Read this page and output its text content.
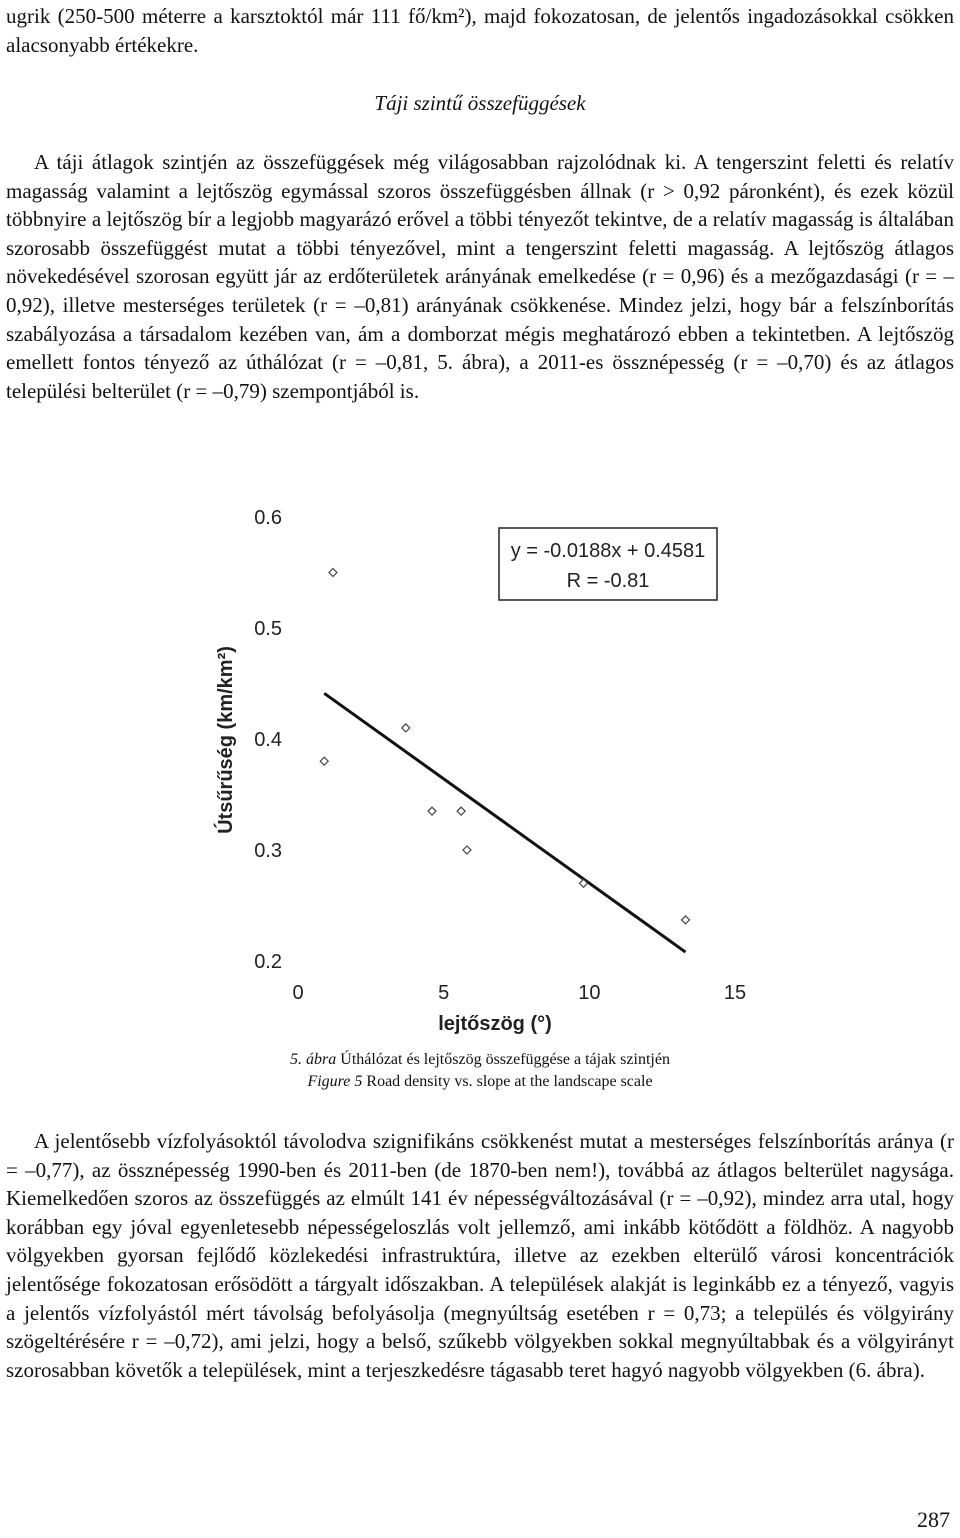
ugrik (250-500 méterre a karsztoktól már 111 fő/km²), majd fokozatosan, de jelentős ingadozásokkal csökken alacsonyabb értékekre.

Táji szintű összefüggések

A táji átlagok szintjén az összefüggések még világosabban rajzolódnak ki. A tengerszint feletti és relatív magasság valamint a lejtőszög egymással szoros összefüggésben állnak (r > 0,92 páronként), és ezek közül többnyire a lejtőszög bír a legjobb magyarázó erővel a többi tényezőt tekintve, de a relatív magasság is általában szorosabb összefüggést mutat a többi tényezővel, mint a tengerszint feletti magasság. A lejtőszög átlagos növekedésével szorosan együtt jár az erdőterületek arányának emelkedése (r = 0,96) és a mezőgazdasági (r = –0,92), illetve mesterséges területek (r = –0,81) arányának csökkenése. Mindez jelzi, hogy bár a felszínborítás szabályozása a társadalom kezében van, ám a domborzat mégis meghatározó ebben a tekintetben. A lejtőszög emellett fontos tényező az úthálózat (r = –0,81, 5. ábra), a 2011-es össznépesség (r = –0,70) és az átlagos települési belterület (r = –0,79) szempontjából is.

0.2
0.3
0.4
0.5
0.6
0	5	10	15
lejtőszög (°)
Útsűrűség (km/km²)
y = -0.0188x + 0.4581
R = -0.81
5. ábra Úthálózat és lejtőszög összefüggése a tájak szintjén
Figure 5 Road density vs. slope at the landscape scale

A jelentősebb vízfolyásoktól távolodva szignifikáns csökkenést mutat a mesterséges felszínborítás aránya (r = –0,77), az össznépesség 1990-ben és 2011-ben (de 1870-ben nem!), továbbá az átlagos belterület nagysága. Kiemelkedően szoros az összefüggés az elmúlt 141 év népességváltozásával (r = –0,92), mindez arra utal, hogy korábban egy jóval egyenletesebb népességeloszlás volt jellemző, ami inkább kötődött a földhöz. A nagyobb völgyekben gyorsan fejlődő közlekedési infrastruktúra, illetve az ezekben elterülő városi koncentrációk jelentősége fokozatosan erősödött a tárgyalt időszakban. A települések alakját is leginkább ez a tényező, vagyis a jelentős vízfolyástól mért távolság befolyásolja (megnyúltság esetében r = 0,73; a település és völgyirány szögeltérésére r = –0,72), ami jelzi, hogy a belső, szűkebb völgyekben sokkal megnyúltabbak és a völgyirányt szorosabban követők a települések, mint a terjeszkedésre tágasabb teret hagyó nagyobb völgyekben (6. ábra).

287
